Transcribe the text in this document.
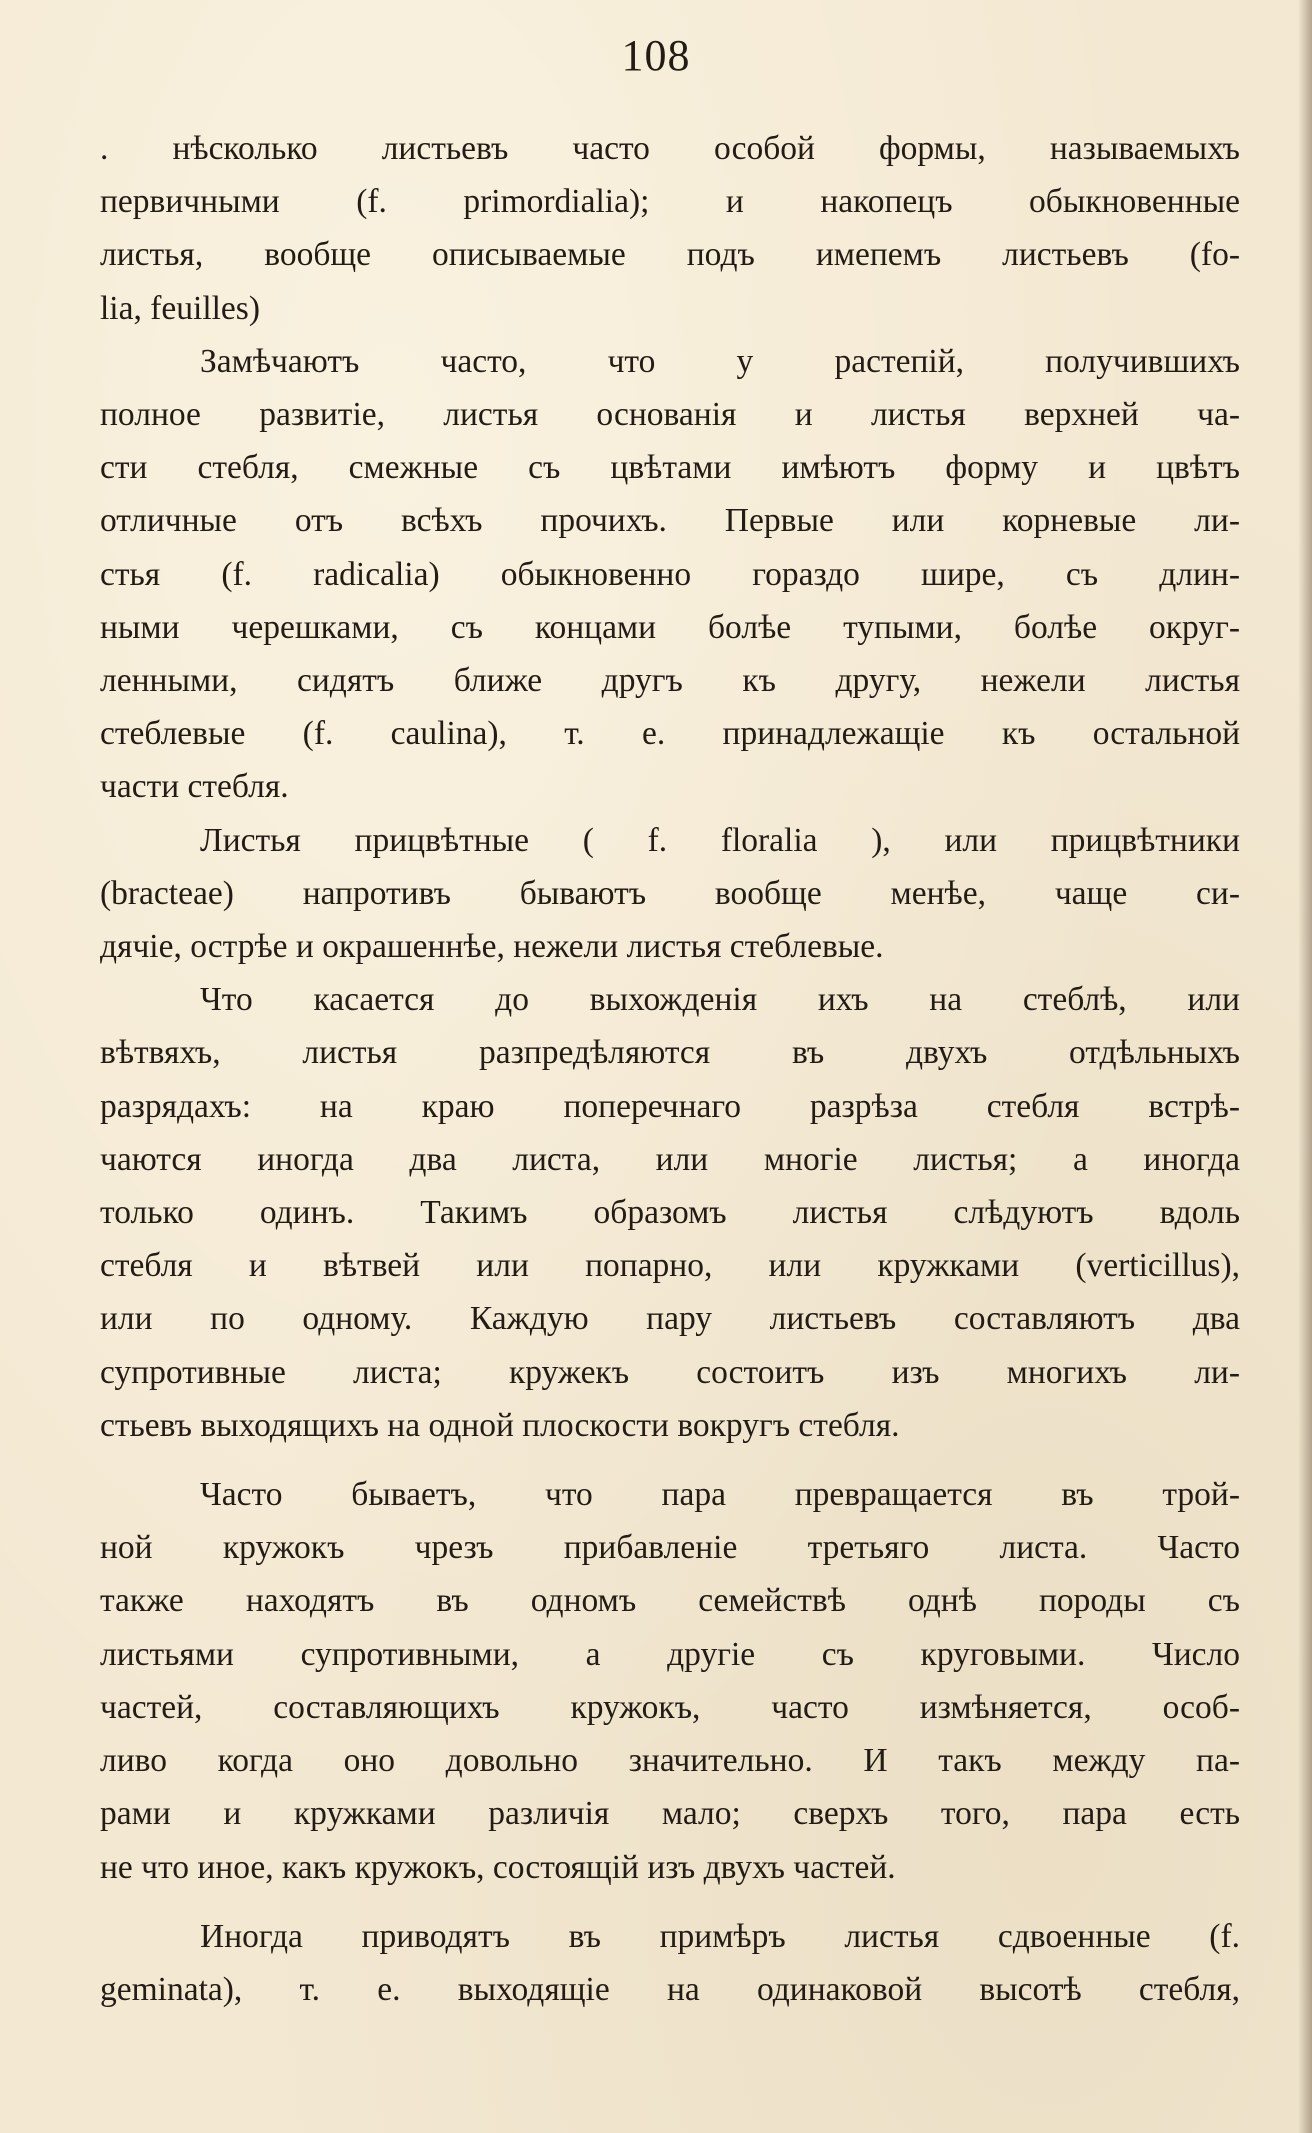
108

. нѣсколько листьевъ часто особой формы, называемыхъ
первичными (f. primordialia); и накопецъ обыкновенные
листья, вообще описываемые подъ имепемъ листьевъ (fo-
lia, feuilles)

Замѣчаютъ часто, что у растепій, получившихъ
полное развитіе, листья основанія и листья верхней ча-
сти стебля, смежные съ цвѣтами имѣютъ форму и цвѣтъ
отличные отъ всѣхъ прочихъ. Первые или корневые ли-
стья (f. radicalia) обыкновенно гораздо шире, съ длин-
ными черешками, съ концами болѣе тупыми, болѣе округ-
ленными, сидятъ ближе другъ къ другу, нежели листья
стеблевые (f. caulina), т. е. принадлежащіе къ остальной
части стебля.

Листья прицвѣтные ( f. floralia ), или прицвѣтники
(bracteae) напротивъ бываютъ вообще менѣе, чаще си-
дячіе, острѣе и окрашеннѣе, нежели листья стеблевые.

Что касается до выхожденія ихъ на стеблѣ, или
вѣтвяхъ, листья разпредѣляются въ двухъ отдѣльныхъ
разрядахъ: на краю поперечнаго разрѣза стебля встрѣ-
чаются иногда два листа, или многіе листья; а иногда
только одинъ. Такимъ образомъ листья слѣдуютъ вдоль
стебля и вѣтвей или попарно, или кружками (verticillus),
или по одному. Каждую пару листьевъ составляютъ два
супротивные листа; кружекъ состоитъ изъ многихъ ли-
стьевъ выходящихъ на одной плоскости вокругъ стебля.

Часто бываетъ, что пара превращается въ трой-
ной кружокъ чрезъ прибавленіе третьяго листа. Часто
также находятъ въ одномъ семействѣ однѣ породы съ
листьями супротивными, а другіе съ круговыми. Число
частей, составляющихъ кружокъ, часто измѣняется, особ-
ливо когда оно довольно значительно. И такъ между па-
рами и кружками различія мало; сверхъ того, пара есть
не что иное, какъ кружокъ, состоящій изъ двухъ частей.

Иногда приводятъ въ примѣръ листья сдвоенные (f.
geminata), т. е. выходящіе на одинаковой высотѣ стебля,
